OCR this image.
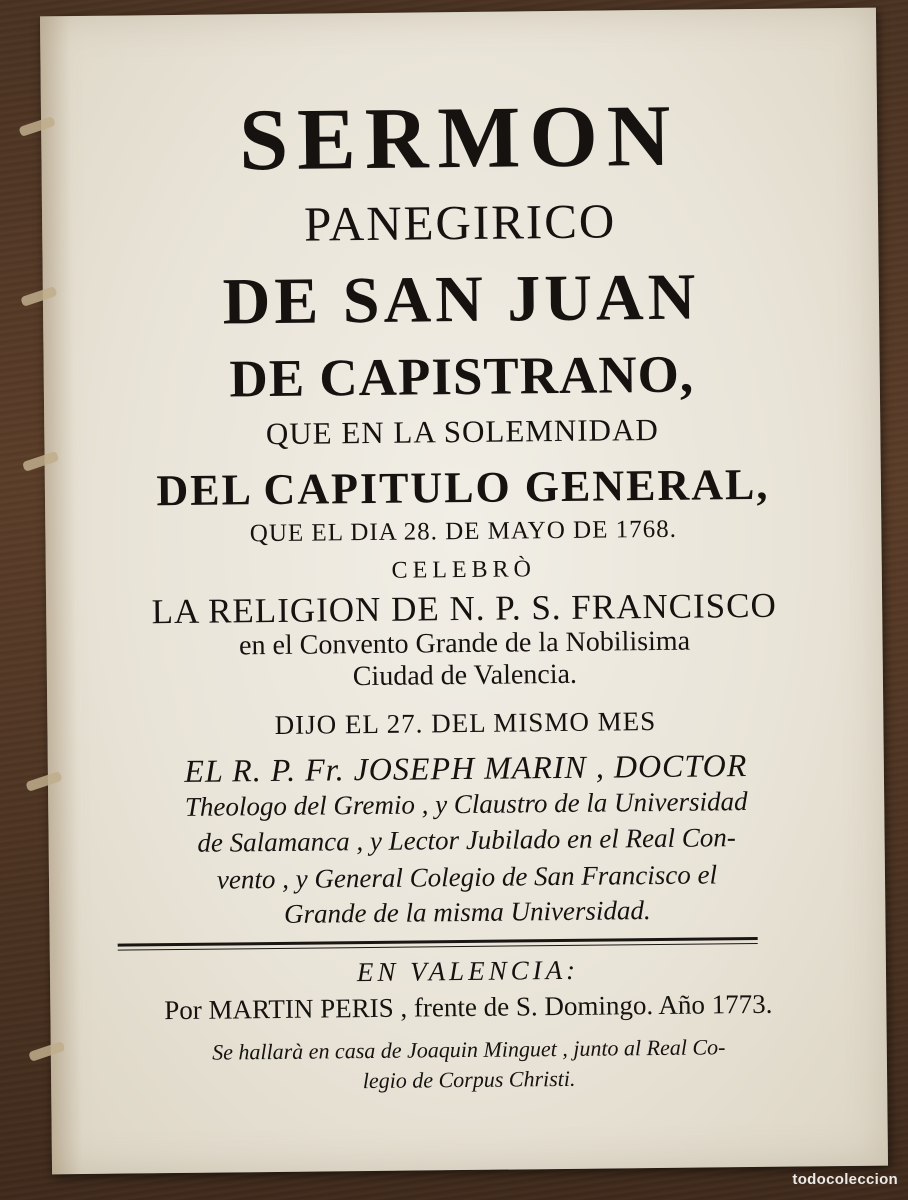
SERMON
PANEGIRICO
DE SAN JUAN
DE CAPISTRANO,
QUE EN LA SOLEMNIDAD
DEL CAPITULO GENERAL,
QUE EL DIA 28. DE MAYO DE 1768.
CELEBRÒ
LA RELIGION DE N. P. S. FRANCISCO
en el Convento Grande de la Nobilisima
Ciudad de Valencia.
DIJO EL 27. DEL MISMO MES
EL R. P. Fr. JOSEPH MARIN , DOCTOR
Theologo del Gremio , y Claustro de la Universidad
de Salamanca , y Lector Jubilado en el Real Con-
vento , y General Colegio de San Francisco el
Grande de la misma Universidad.
EN VALENCIA:
Por MARTIN PERIS , frente de S. Domingo. Año 1773.
Se hallarà en casa de Joaquin Minguet , junto al Real Co-
legio de Corpus Christi.
todocoleccion
